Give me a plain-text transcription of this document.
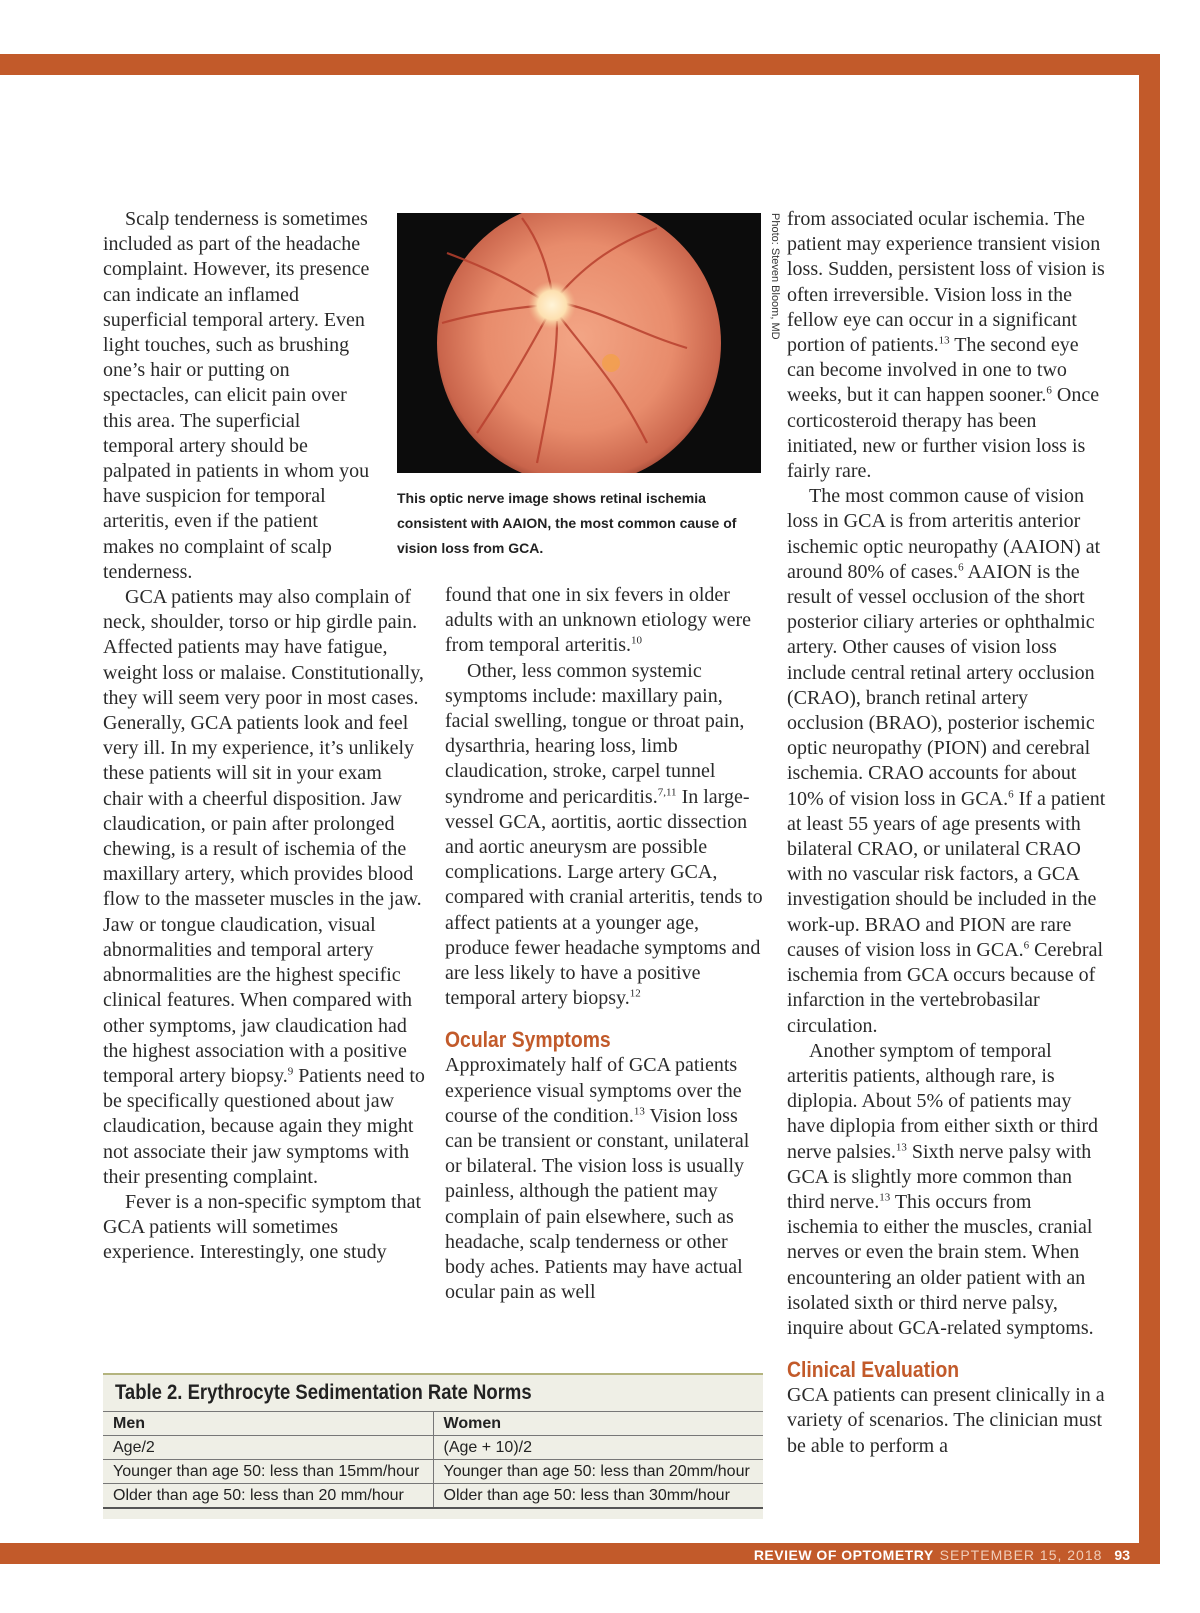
REVIEW OF OPTOMETRY SEPTEMBER 15, 2018 93

Scalp tenderness is sometimes included as part of the headache complaint. However, its presence can indicate an inflamed superficial temporal artery. Even light touches, such as brushing one’s hair or putting on spectacles, can elicit pain over this area. The superficial temporal artery should be palpated in patients in whom you have suspicion for temporal arteritis, even if the patient makes no complaint of scalp tenderness.

GCA patients may also complain of neck, shoulder, torso or hip girdle pain. Affected patients may have fatigue, weight loss or malaise. Constitutionally, they will seem very poor in most cases. Generally, GCA patients look and feel very ill. In my experience, it’s unlikely these patients will sit in your exam chair with a cheerful disposition. Jaw claudication, or pain after prolonged chewing, is a result of ischemia of the maxillary artery, which provides blood flow to the masseter muscles in the jaw. Jaw or tongue claudication, visual abnormalities and temporal artery abnormalities are the highest specific clinical features. When compared with other symptoms, jaw claudication had the highest association with a positive temporal artery biopsy.$^9$ Patients need to be specifically questioned about jaw claudication, because again they might not associate their jaw symptoms with their presenting complaint.

Fever is a non-specific symptom that GCA patients will sometimes experience. Interestingly, one study

Photo: Steven Bloom, MD
This optic nerve image shows retinal ischemia consistent with AAION, the most common cause of vision loss from GCA.

found that one in six fevers in older adults with an unknown etiology were from temporal arteritis.$^{10}$

Other, less common systemic symptoms include: maxillary pain, facial swelling, tongue or throat pain, dysarthria, hearing loss, limb claudication, stroke, carpel tunnel syndrome and pericarditis.$^{7,11}$ In large-vessel GCA, aortitis, aortic dissection and aortic aneurysm are possible complications. Large artery GCA, compared with cranial arteritis, tends to affect patients at a younger age, produce fewer headache symptoms and are less likely to have a positive temporal artery biopsy.$^{12}$

Ocular Symptoms

Approximately half of GCA patients experience visual symptoms over the course of the condition.$^{13}$ Vision loss can be transient or constant, unilateral or bilateral. The vision loss is usually painless, although the patient may complain of pain elsewhere, such as headache, scalp tenderness or other body aches. Patients may have actual ocular pain as well

from associated ocular ischemia. The patient may experience transient vision loss. Sudden, persistent loss of vision is often irreversible. Vision loss in the fellow eye can occur in a significant portion of patients.$^{13}$ The second eye can become involved in one to two weeks, but it can happen sooner.$^6$ Once corticosteroid therapy has been initiated, new or further vision loss is fairly rare.

The most common cause of vision loss in GCA is from arteritis anterior ischemic optic neuropathy (AAION) at around 80% of cases.$^6$ AAION is the result of vessel occlusion of the short posterior ciliary arteries or ophthalmic artery. Other causes of vision loss include central retinal artery occlusion (CRAO), branch retinal artery occlusion (BRAO), posterior ischemic optic neuropathy (PION) and cerebral ischemia. CRAO accounts for about 10% of vision loss in GCA.$^6$ If a patient at least 55 years of age presents with bilateral CRAO, or unilateral CRAO with no vascular risk factors, a GCA investigation should be included in the work-up. BRAO and PION are rare causes of vision loss in GCA.$^6$ Cerebral ischemia from GCA occurs because of infarction in the vertebrobasilar circulation.

Another symptom of temporal arteritis patients, although rare, is diplopia. About 5% of patients may have diplopia from either sixth or third nerve palsies.$^{13}$ Sixth nerve palsy with GCA is slightly more common than third nerve.$^{13}$ This occurs from ischemia to either the muscles, cranial nerves or even the brain stem. When encountering an older patient with an isolated sixth or third nerve palsy, inquire about GCA-related symptoms.

Clinical Evaluation

GCA patients can present clinically in a variety of scenarios. The clinician must be able to perform a

Table 2. Erythrocyte Sedimentation Rate Norms
Men	Women
Age/2	(Age + 10)/2
Younger than age 50: less than 15mm/hour	Younger than age 50: less than 20mm/hour
Older than age 50: less than 20 mm/hour	Older than age 50: less than 30mm/hour
